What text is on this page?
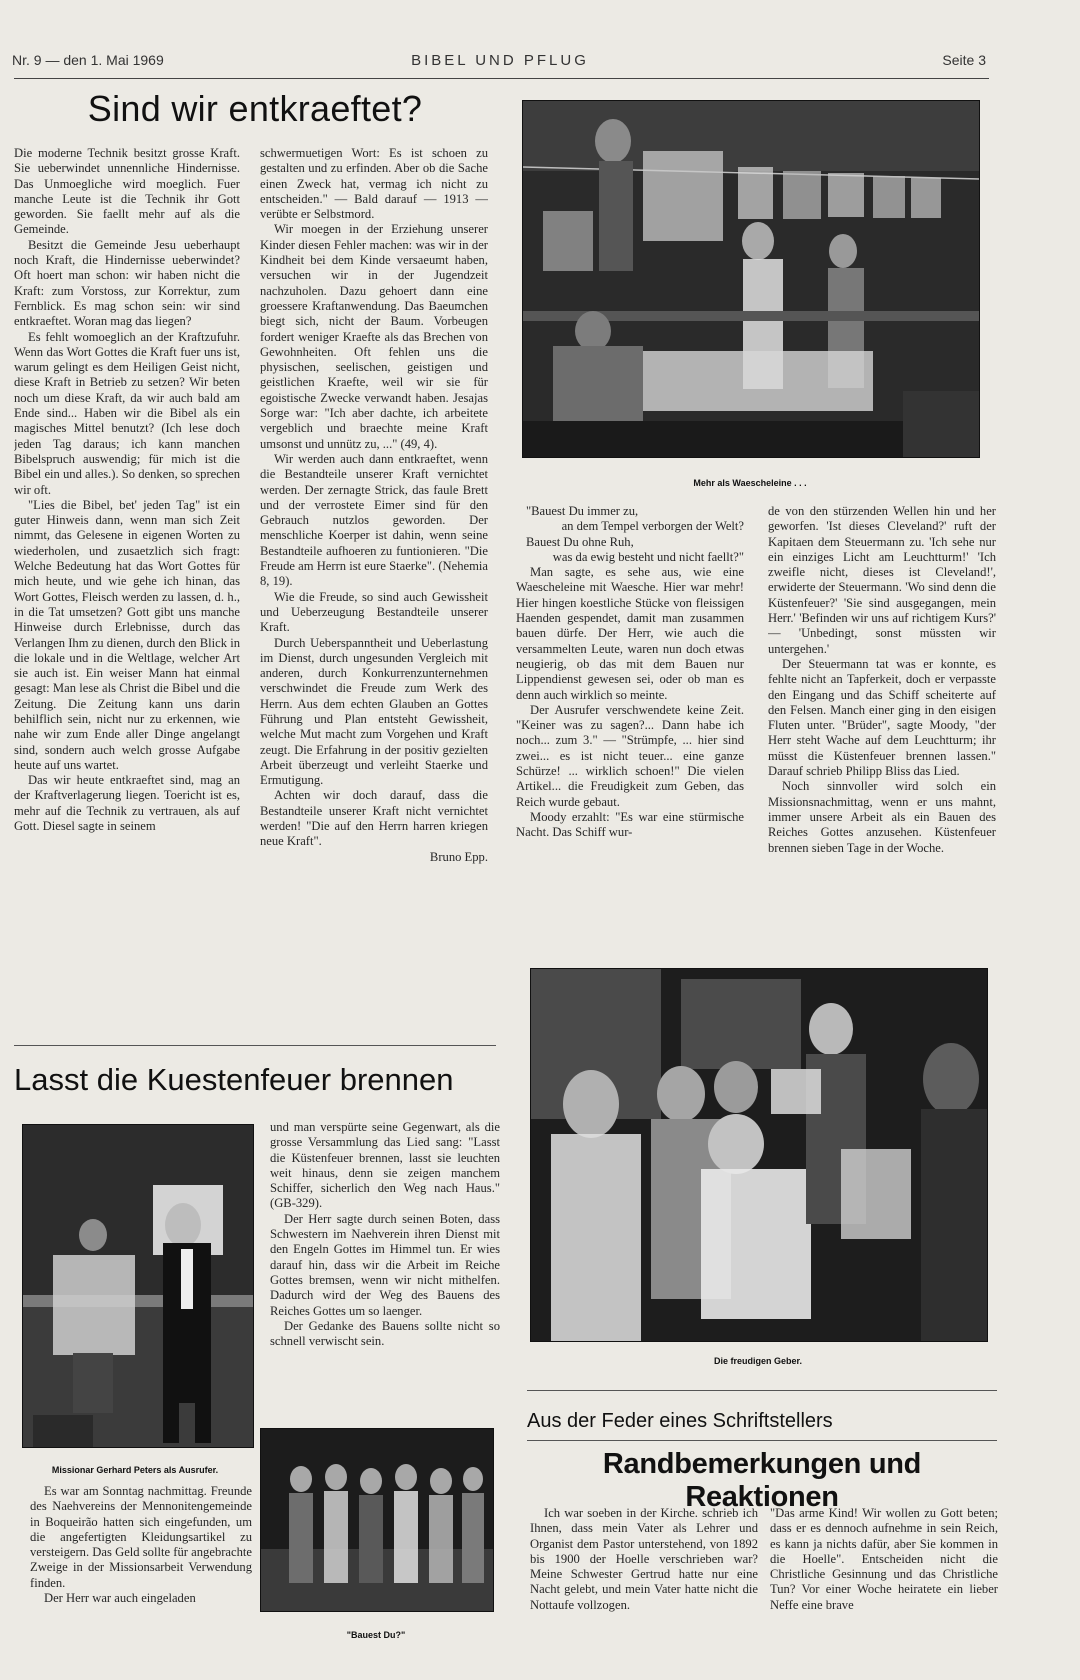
Nr. 9 — den 1. Mai 1969	BIBEL UND PFLUG	Seite 3
Sind wir entkraeftet?

Die moderne Technik besitzt grosse Kraft. Sie ueberwindet unnennliche Hindernisse. Das Unmoegliche wird moeglich. Fuer manche Leute ist die Technik ihr Gott geworden. Sie faellt mehr auf als die Gemeinde.

Besitzt die Gemeinde Jesu ueberhaupt noch Kraft, die Hindernisse ueberwindet? Oft hoert man schon: wir haben nicht die Kraft: zum Vorstoss, zur Korrektur, zum Fernblick. Es mag schon sein: wir sind entkraeftet. Woran mag das liegen?

Es fehlt womoeglich an der Kraftzufuhr. Wenn das Wort Gottes die Kraft fuer uns ist, warum gelingt es dem Heiligen Geist nicht, diese Kraft in Betrieb zu setzen? Wir beten noch um diese Kraft, da wir auch bald am Ende sind... Haben wir die Bibel als ein magisches Mittel benutzt? (Ich lese doch jeden Tag daraus; ich kann manchen Bibelspruch auswendig; für mich ist die Bibel ein und alles.). So denken, so sprechen wir oft.

"Lies die Bibel, bet' jeden Tag" ist ein guter Hinweis dann, wenn man sich Zeit nimmt, das Gelesene in eigenen Worten zu wiederholen, und zusaetzlich sich fragt: Welche Bedeutung hat das Wort Gottes für mich heute, und wie gehe ich hinan, das Wort Gottes, Fleisch werden zu lassen, d. h., in die Tat umsetzen? Gott gibt uns manche Hinweise durch Erlebnisse, durch das Verlangen Ihm zu dienen, durch den Blick in die lokale und in die Weltlage, welcher Art sie auch ist. Ein weiser Mann hat einmal gesagt: Man lese als Christ die Bibel und die Zeitung. Die Zeitung kann uns darin behilflich sein, nicht nur zu erkennen, wie nahe wir zum Ende aller Dinge angelangt sind, sondern auch welch grosse Aufgabe heute auf uns wartet.

Das wir heute entkraeftet sind, mag an der Kraftverlagerung liegen. Toericht ist es, mehr auf die Technik zu vertrauen, als auf Gott. Diesel sagte in seinem

schwermuetigen Wort: Es ist schoen zu gestalten und zu erfinden. Aber ob die Sache einen Zweck hat, vermag ich nicht zu entscheiden." — Bald darauf — 1913 — verübte er Selbstmord.

Wir moegen in der Erziehung unserer Kinder diesen Fehler machen: was wir in der Kindheit bei dem Kinde versaeumt haben, versuchen wir in der Jugendzeit nachzuholen. Dazu gehoert dann eine groessere Kraftanwendung. Das Baeumchen biegt sich, nicht der Baum. Vorbeugen fordert weniger Kraefte als das Brechen von Gewohnheiten. Oft fehlen uns die physischen, seelischen, geistigen und geistlichen Kraefte, weil wir sie für egoistische Zwecke verwandt haben. Jesajas Sorge war: "Ich aber dachte, ich arbeitete vergeblich und braechte meine Kraft umsonst und unnütz zu, ..." (49, 4).

Wir werden auch dann entkraeftet, wenn die Bestandteile unserer Kraft vernichtet werden. Der zernagte Strick, das faule Brett und der verrostete Eimer sind für den Gebrauch nutzlos geworden. Der menschliche Koerper ist dahin, wenn seine Bestandteile aufhoeren zu funtionieren. "Die Freude am Herrn ist eure Staerke". (Nehemia 8, 19).

Wie die Freude, so sind auch Gewissheit und Ueberzeugung Bestandteile unserer Kraft.

Durch Ueberspanntheit und Ueberlastung im Dienst, durch ungesunden Vergleich mit anderen, durch Konkurrenzunternehmen verschwindet die Freude zum Werk des Herrn. Aus dem echten Glauben an Gottes Führung und Plan entsteht Gewissheit, welche Mut macht zum Vorgehen und Kraft zeugt. Die Erfahrung in der positiv gezielten Arbeit überzeugt und verleiht Staerke und Ermutigung.

Achten wir doch darauf, dass die Bestandteile unserer Kraft nicht vernichtet werden! "Die auf den Herrn harren kriegen neue Kraft".

Bruno Epp.

Mehr als Waescheleine . . .

"Bauest Du immer zu,

an dem Tempel verborgen der Welt?

Bauest Du ohne Ruh,

was da ewig besteht und nicht faellt?"

Man sagte, es sehe aus, wie eine Waescheleine mit Waesche. Hier war mehr! Hier hingen koestliche Stücke von fleissigen Haenden gespendet, damit man zusammen bauen dürfe. Der Herr, wie auch die versammelten Leute, waren nun doch etwas neugierig, ob das mit dem Bauen nur Lippendienst gewesen sei, oder ob man es denn auch wirklich so meinte.

Der Ausrufer verschwendete keine Zeit. "Keiner was zu sagen?... Dann habe ich noch... zum 3." — "Strümpfe, ... hier sind zwei... es ist nicht teuer... eine ganze Schürze! ... wirklich schoen!" Die vielen Artikel... die Freudigkeit zum Geben, das Reich wurde gebaut.

Moody erzahlt: "Es war eine stürmische Nacht. Das Schiff wur-

de von den stürzenden Wellen hin und her geworfen. 'Ist dieses Cleveland?' ruft der Kapitaen dem Steuermann zu. 'Ich sehe nur ein einziges Licht am Leuchtturm!' 'Ich zweifle nicht, dieses ist Cleveland!', erwiderte der Steuermann. 'Wo sind denn die Küstenfeuer?' 'Sie sind ausgegangen, mein Herr.' 'Befinden wir uns auf richtigem Kurs?' — 'Unbedingt, sonst müssten wir untergehen.'

Der Steuermann tat was er konnte, es fehlte nicht an Tapferkeit, doch er verpasste den Eingang und das Schiff scheiterte auf den Felsen. Manch einer ging in den eisigen Fluten unter. "Brüder", sagte Moody, "der Herr steht Wache auf dem Leuchtturm; ihr müsst die Küstenfeuer brennen lassen." Darauf schrieb Philipp Bliss das Lied.

Noch sinnvoller wird solch ein Missionsnachmittag, wenn er uns mahnt, immer unsere Arbeit als ein Bauen des Reiches Gottes anzusehen. Küstenfeuer brennen sieben Tage in der Woche.

Die freudigen Geber.
Lasst die Kuestenfeuer brennen
Missionar Gerhard Peters als Ausrufer.

Es war am Sonntag nachmittag. Freunde des Naehvereins der Mennonitengemeinde in Boqueirão hatten sich eingefunden, um die angefertigten Kleidungsartikel zu versteigern. Das Geld sollte für angebrachte Zweige in der Missionsarbeit Verwendung finden.

Der Herr war auch eingeladen

und man verspürte seine Gegenwart, als die grosse Versammlung das Lied sang: "Lasst die Küstenfeuer brennen, lasst sie leuchten weit hinaus, denn sie zeigen manchem Schiffer, sicherlich den Weg nach Haus." (GB-329).

Der Herr sagte durch seinen Boten, dass Schwestern im Naehverein ihren Dienst mit den Engeln Gottes im Himmel tun. Er wies darauf hin, dass wir die Arbeit im Reiche Gottes bremsen, wenn wir nicht mithelfen. Dadurch wird der Weg des Bauens des Reiches Gottes um so laenger.

Der Gedanke des Bauens sollte nicht so schnell verwischt sein.

"Bauest Du?"
Aus der Feder eines Schriftstellers
Randbemerkungen und Reaktionen

Ich war soeben in der Kirche. schrieb ich Ihnen, dass mein Vater als Lehrer und Organist dem Pastor unterstehend, von 1892 bis 1900 der Hoelle verschrieben war? Meine Schwester Gertrud hatte nur eine Nacht gelebt, und mein Vater hatte nicht die Nottaufe vollzogen.

"Das arme Kind! Wir wollen zu Gott beten; dass er es dennoch aufnehme in sein Reich, es kann ja nichts dafür, aber Sie kommen in die Hoelle". Entscheiden nicht die Christliche Gesinnung und das Christliche Tun? Vor einer Woche heiratete ein lieber Neffe eine brave
